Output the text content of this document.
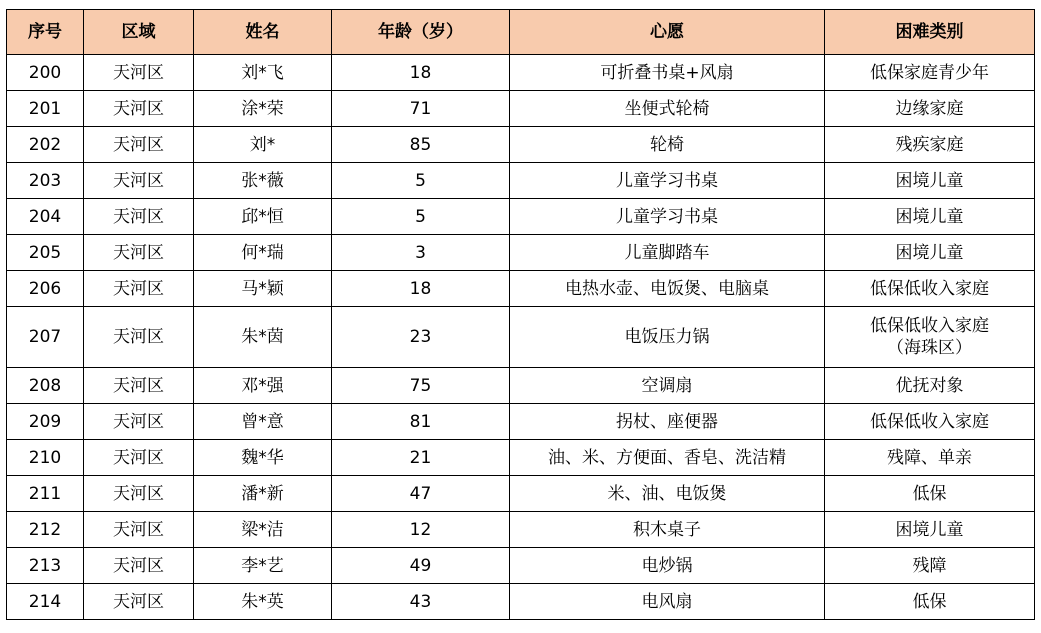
序号	区域	姓名	年龄（岁）	心愿	困难类别

200	天河区	刘*飞	18	可折叠书桌+风扇	低保家庭青少年

201	天河区	涂*荣	71	坐便式轮椅	边缘家庭

202	天河区	刘*	85	轮椅	残疾家庭

203	天河区	张*薇	5	儿童学习书桌	困境儿童

204	天河区	邱*恒	5	儿童学习书桌	困境儿童

205	天河区	何*瑞	3	儿童脚踏车	困境儿童

206	天河区	马*颖	18	电热水壶、电饭煲、电脑桌	低保低收入家庭

207	天河区	朱*茵	23	电饭压力锅	低保低收入家庭
（海珠区）

208	天河区	邓*强	75	空调扇	优抚对象

209	天河区	曾*意	81	拐杖、座便器	低保低收入家庭

210	天河区	魏*华	21	油、米、方便面、香皂、洗洁精	残障、单亲

211	天河区	潘*新	47	米、油、电饭煲	低保

212	天河区	梁*洁	12	积木桌子	困境儿童

213	天河区	李*艺	49	电炒锅	残障

214	天河区	朱*英	43	电风扇	低保
